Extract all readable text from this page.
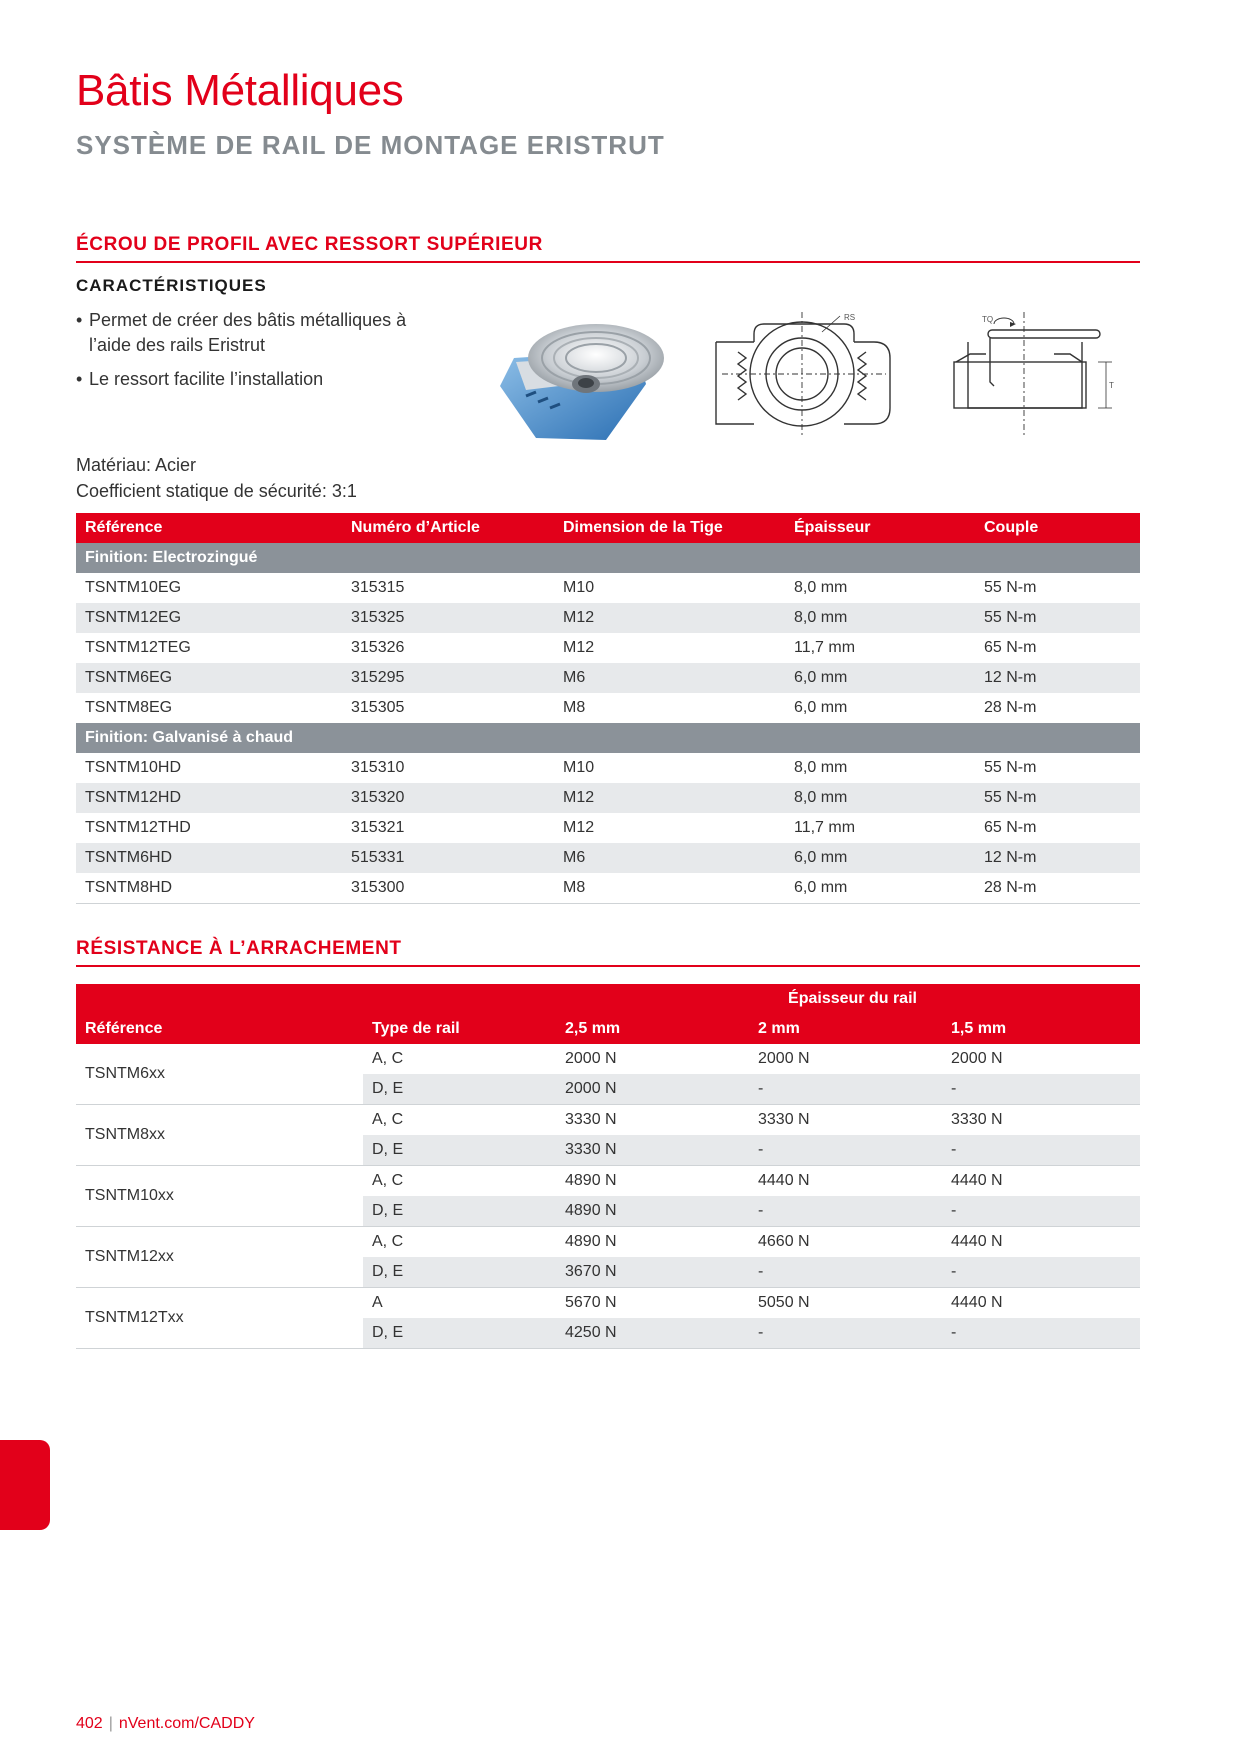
Bâtis Métalliques
SYSTÈME DE RAIL DE MONTAGE ERISTRUT
ÉCROU DE PROFIL AVEC RESSORT SUPÉRIEUR
CARACTÉRISTIQUES
• Permet de créer des bâtis métalliques à l’aide des rails Eristrut
• Le ressort facilite l’installation
Matériau: Acier
Coefficient statique de sécurité: 3:1
RS	TQ
T
Référence	Numéro d’Article	Dimension de la Tige	Épaisseur	Couple
Finition: Electrozingué				
TSNTM10EG	315315	M10	8,0 mm	55 N-m
TSNTM12EG	315325	M12	8,0 mm	55 N-m
TSNTM12TEG	315326	M12	11,7 mm	65 N-m
TSNTM6EG	315295	M6	6,0 mm	12 N-m
TSNTM8EG	315305	M8	6,0 mm	28 N-m
Finition: Galvanisé à chaud				
TSNTM10HD	315310	M10	8,0 mm	55 N-m
TSNTM12HD	315320	M12	8,0 mm	55 N-m
TSNTM12THD	315321	M12	11,7 mm	65 N-m
TSNTM6HD	515331	M6	6,0 mm	12 N-m
TSNTM8HD	315300	M8	6,0 mm	28 N-m
RÉSISTANCE À L’ARRACHEMENT
		Épaisseur du rail		
Référence	Type de rail	2,5 mm	2 mm	1,5 mm
TSNTM6xx	A, C	2000 N	2000 N	2000 N
	D, E	2000 N	-	-
TSNTM8xx	A, C	3330 N	3330 N	3330 N
	D, E	3330 N	-	-
TSNTM10xx	A, C	4890 N	4440 N	4440 N
	D, E	4890 N	-	-
TSNTM12xx	A, C	4890 N	4660 N	4440 N
	D, E	3670 N	-	-
TSNTM12Txx	A	5670 N	5050 N	4440 N
	D, E	4250 N	-	-
402 | nVent.com/CADDY
